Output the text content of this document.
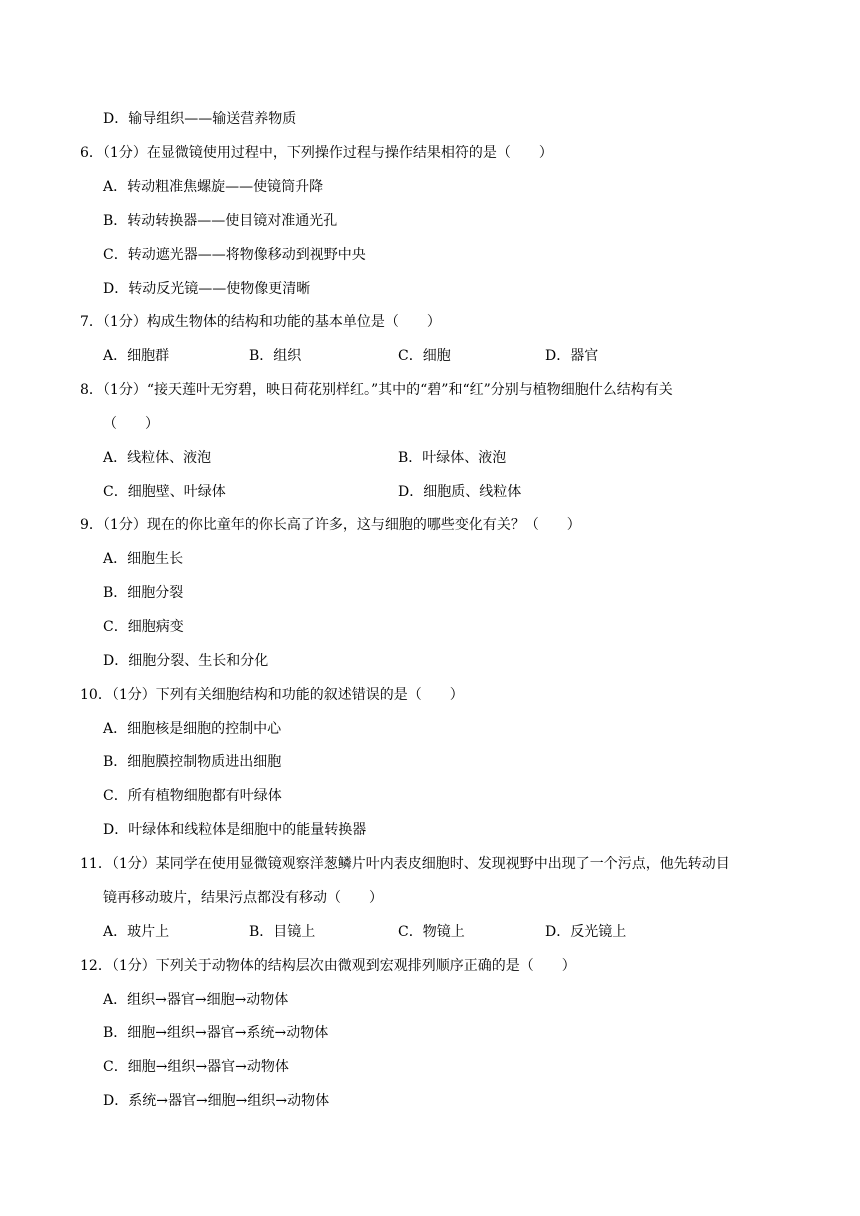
D．输导组织——输送营养物质
6．（1分）在显微镜使用过程中，下列操作过程与操作结果相符的是（　　）
A．转动粗准焦螺旋——使镜筒升降
B．转动转换器——使目镜对准通光孔
C．转动遮光器——将物像移动到视野中央
D．转动反光镜——使物像更清晰
7．（1分）构成生物体的结构和功能的基本单位是（　　）
A．细胞群	B．组织	C．细胞	D．器官
8．（1分）“接天莲叶无穷碧，映日荷花别样红。”其中的“碧”和“红”分别与植物细胞什么结构有关
（　　）
A．线粒体、液泡	B．叶绿体、液泡
C．细胞壁、叶绿体	D．细胞质、线粒体
9．（1分）现在的你比童年的你长高了许多，这与细胞的哪些变化有关？（　　）
A．细胞生长
B．细胞分裂
C．细胞病变
D．细胞分裂、生长和分化
10．（1分）下列有关细胞结构和功能的叙述错误的是（　　）
A．细胞核是细胞的控制中心
B．细胞膜控制物质进出细胞
C．所有植物细胞都有叶绿体
D．叶绿体和线粒体是细胞中的能量转换器
11．（1分）某同学在使用显微镜观察洋葱鳞片叶内表皮细胞时、发现视野中出现了一个污点，他先转动目
镜再移动玻片，结果污点都没有移动（　　）
A．玻片上	B．目镜上	C．物镜上	D．反光镜上
12．（1分）下列关于动物体的结构层次由微观到宏观排列顺序正确的是（　　）
A．组织→器官→细胞→动物体
B．细胞→组织→器官→系统→动物体
C．细胞→组织→器官→动物体
D．系统→器官→细胞→组织→动物体
